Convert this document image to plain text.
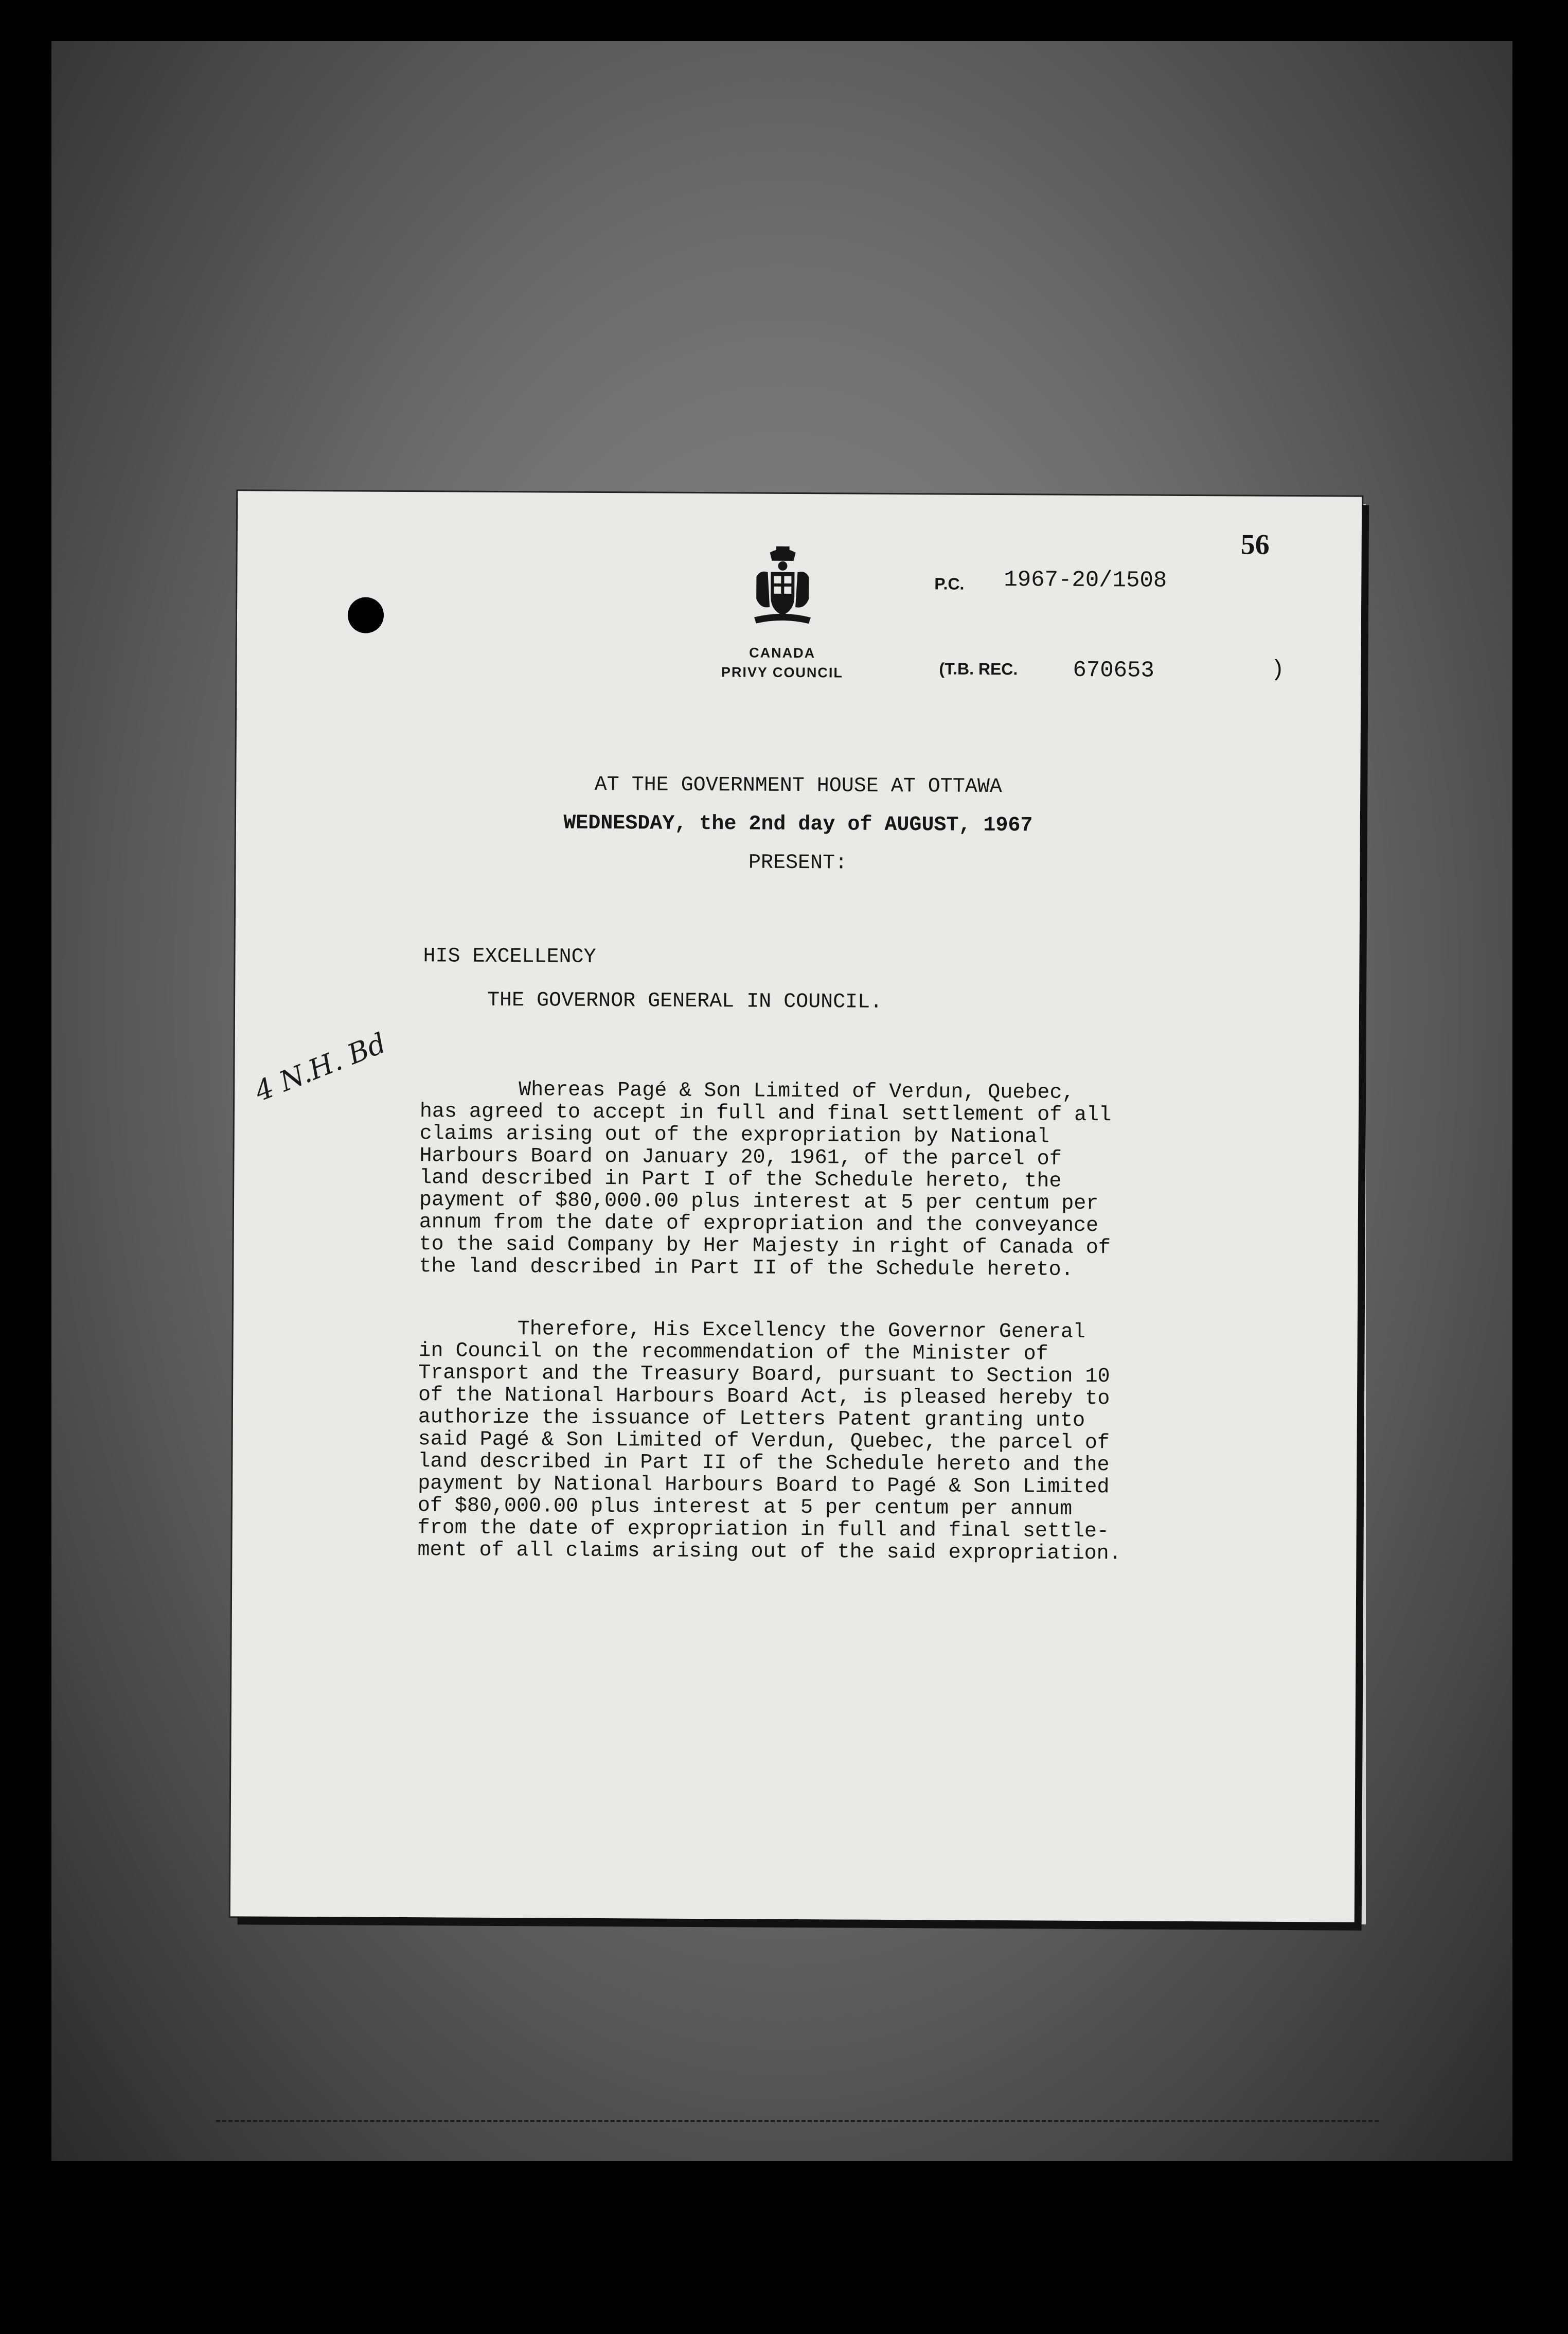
56
CANADA
PRIVY COUNCIL
P.C. 1967-20/1508
(T.B. REC. 670653	)
AT THE GOVERNMENT HOUSE AT OTTAWA
WEDNESDAY, the 2nd day of AUGUST, 1967
PRESENT:
HIS EXCELLENCY
THE GOVERNOR GENERAL IN COUNCIL.
4 N.H. Bd Whereas Pagé & Son Limited of Verdun, Quebec,
has agreed to accept in full and final settlement of all
claims arising out of the expropriation by National
Harbours Board on January 20, 1961, of the parcel of
land described in Part I of the Schedule hereto, the
payment of $80,000.00 plus interest at 5 per centum per
annum from the date of expropriation and the conveyance
to the said Company by Her Majesty in right of Canada of
the land described in Part II of the Schedule hereto.
Therefore, His Excellency the Governor General
in Council on the recommendation of the Minister of
Transport and the Treasury Board, pursuant to Section 10
of the National Harbours Board Act, is pleased hereby to
authorize the issuance of Letters Patent granting unto
said Pagé & Son Limited of Verdun, Quebec, the parcel of
land described in Part II of the Schedule hereto and the
payment by National Harbours Board to Pagé & Son Limited
of $80,000.00 plus interest at 5 per centum per annum
from the date of expropriation in full and final settle-
ment of all claims arising out of the said expropriation.
